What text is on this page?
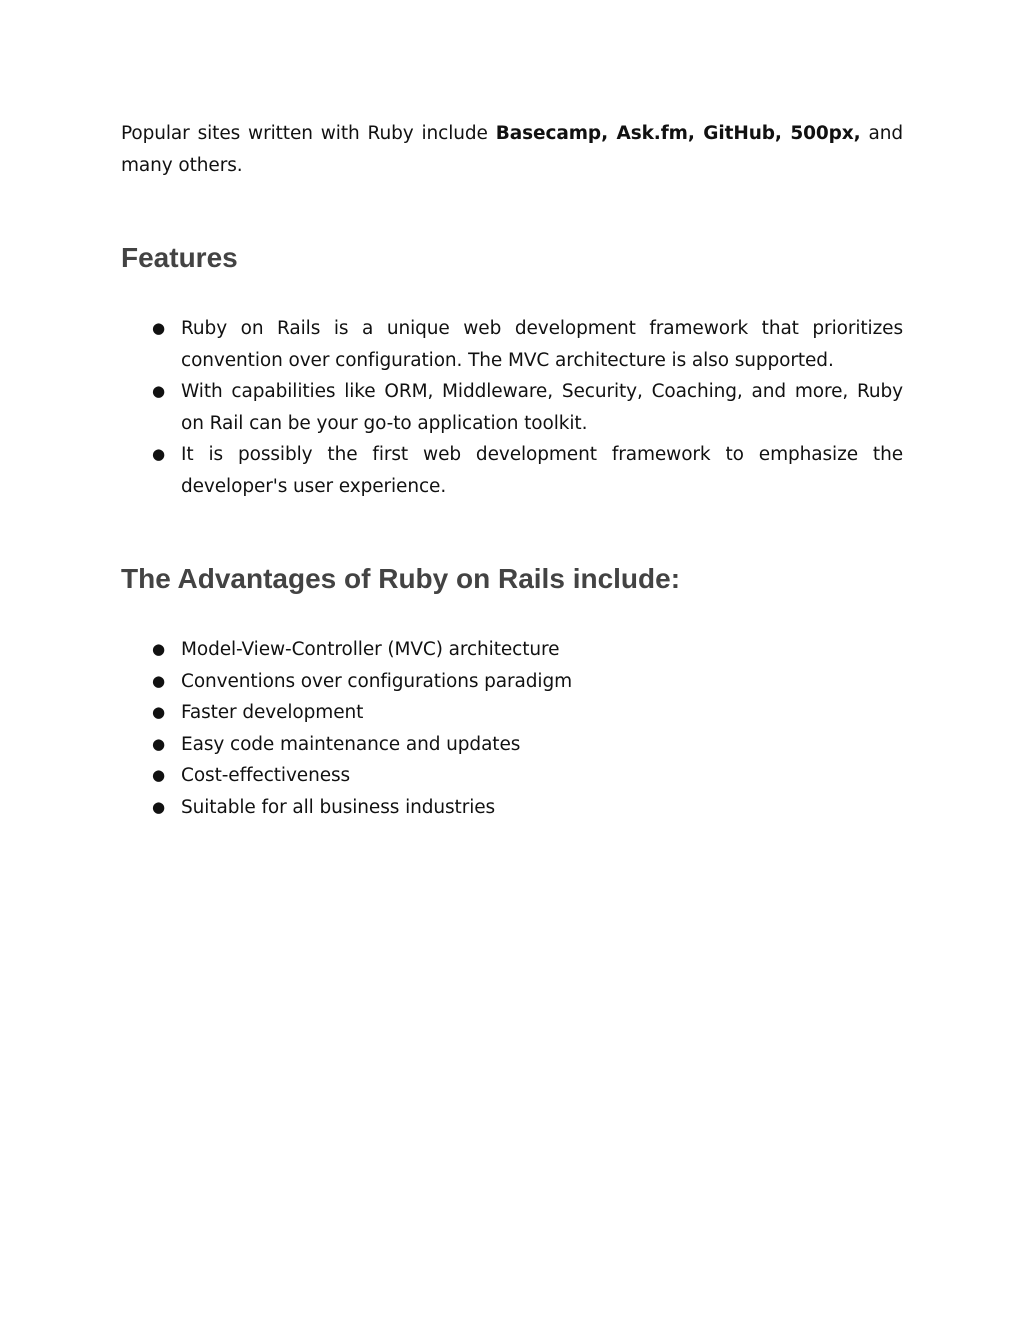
Popular sites written with Ruby include Basecamp, Ask.fm, GitHub, 500px, and many others.

Features
● Ruby on Rails is a unique web development framework that prioritizes convention over configuration. The MVC architecture is also supported.
● With capabilities like ORM, Middleware, Security, Coaching, and more, Ruby on Rail can be your go-to application toolkit.
● It is possibly the first web development framework to emphasize the developer's user experience.
The Advantages of Ruby on Rails include:
● Model-View-Controller (MVC) architecture
● Conventions over configurations paradigm
● Faster development
● Easy code maintenance and updates
● Cost-effectiveness
● Suitable for all business industries
